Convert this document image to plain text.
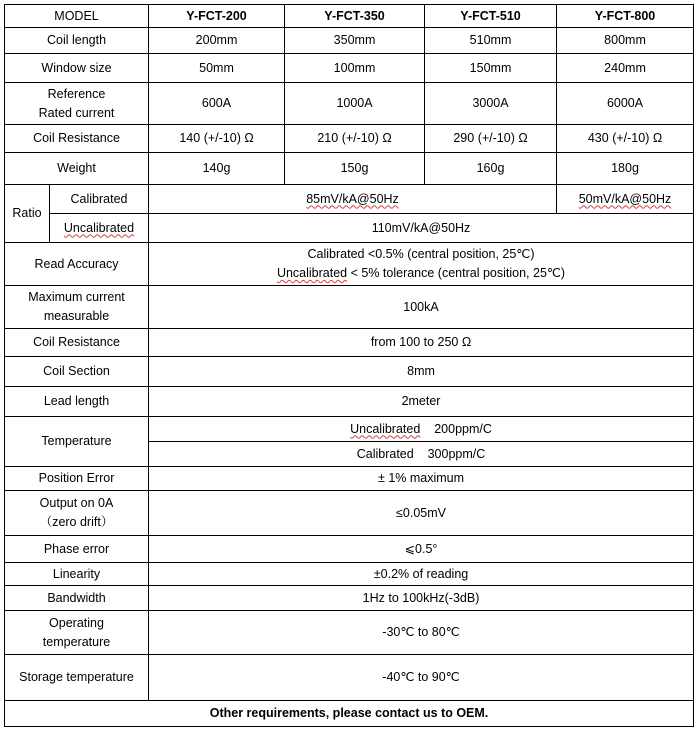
MODEL		Y-FCT-200	Y-FCT-350	Y-FCT-510	Y-FCT-800
Coil length		200mm	350mm	510mm	800mm
Window size		50mm	100mm	150mm	240mm

Reference
Rated current		600A	1000A	3000A	6000A
Coil Resistance		140 (+/-10) Ω	210 (+/-10) Ω	290 (+/-10) Ω	430 (+/-10) Ω
Weight		140g	150g	160g	180g
Ratio	Calibrated	85mV/kA@50Hz			50mV/kA@50Hz
	Uncalibrated	110mV/kA@50Hz			
Read Accuracy		Calibrated <0.5% (central position, 25℃)
Uncalibrated < 5% tolerance (central position, 25℃)			

Maximum current
measurable		100kA			
Coil Resistance		from 100 to 250 Ω			
Coil Section		8mm			
Lead length		2meter			
Temperature		Uncalibrated 200ppm/C			
		Calibrated 300ppm/C			
Position Error		± 1% maximum			

Output on 0A
（zero drift）		≤0.05mV			
Phase error		⩽0.5°			
Linearity		±0.2% of reading			
Bandwidth		1Hz to 100kHz(-3dB)			

Operating
temperature		-30℃ to 80℃			
Storage temperature		-40℃ to 90℃			
Other requirements, please contact us to OEM.					
